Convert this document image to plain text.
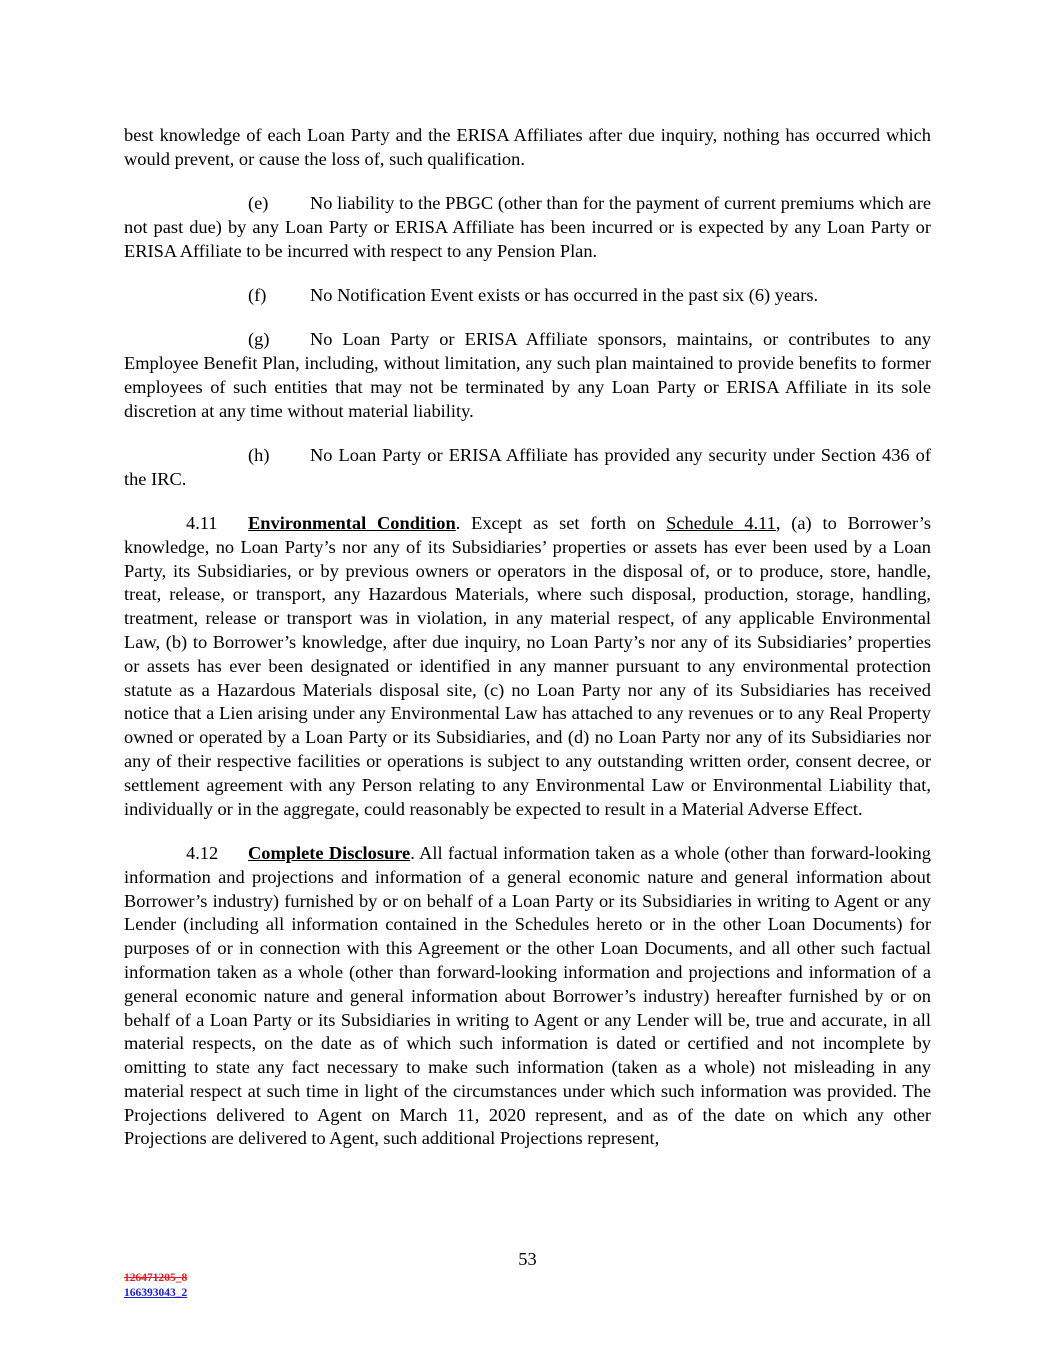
best knowledge of each Loan Party and the ERISA Affiliates after due inquiry, nothing has occurred which would prevent, or cause the loss of, such qualification.

(e) No liability to the PBGC (other than for the payment of current premiums which are not past due) by any Loan Party or ERISA Affiliate has been incurred or is expected by any Loan Party or ERISA Affiliate to be incurred with respect to any Pension Plan.

(f) No Notification Event exists or has occurred in the past six (6) years.

(g) No Loan Party or ERISA Affiliate sponsors, maintains, or contributes to any Employee Benefit Plan, including, without limitation, any such plan maintained to provide benefits to former employees of such entities that may not be terminated by any Loan Party or ERISA Affiliate in its sole discretion at any time without material liability.

(h) No Loan Party or ERISA Affiliate has provided any security under Section 436 of the IRC.

4.11 Environmental Condition. Except as set forth on Schedule 4.11, (a) to Borrower’s knowledge, no Loan Party’s nor any of its Subsidiaries’ properties or assets has ever been used by a Loan Party, its Subsidiaries, or by previous owners or operators in the disposal of, or to produce, store, handle, treat, release, or transport, any Hazardous Materials, where such disposal, production, storage, handling, treatment, release or transport was in violation, in any material respect, of any applicable Environmental Law, (b) to Borrower’s knowledge, after due inquiry, no Loan Party’s nor any of its Subsidiaries’ properties or assets has ever been designated or identified in any manner pursuant to any environmental protection statute as a Hazardous Materials disposal site, (c) no Loan Party nor any of its Subsidiaries has received notice that a Lien arising under any Environmental Law has attached to any revenues or to any Real Property owned or operated by a Loan Party or its Subsidiaries, and (d) no Loan Party nor any of its Subsidiaries nor any of their respective facilities or operations is subject to any outstanding written order, consent decree, or settlement agreement with any Person relating to any Environmental Law or Environmental Liability that, individually or in the aggregate, could reasonably be expected to result in a Material Adverse Effect.

4.12 Complete Disclosure. All factual information taken as a whole (other than forward-looking information and projections and information of a general economic nature and general information about Borrower’s industry) furnished by or on behalf of a Loan Party or its Subsidiaries in writing to Agent or any Lender (including all information contained in the Schedules hereto or in the other Loan Documents) for purposes of or in connection with this Agreement or the other Loan Documents, and all other such factual information taken as a whole (other than forward-looking information and projections and information of a general economic nature and general information about Borrower’s industry) hereafter furnished by or on behalf of a Loan Party or its Subsidiaries in writing to Agent or any Lender will be, true and accurate, in all material respects, on the date as of which such information is dated or certified and not incomplete by omitting to state any fact necessary to make such information (taken as a whole) not misleading in any material respect at such time in light of the circumstances under which such information was provided. The Projections delivered to Agent on March 11, 2020 represent, and as of the date on which any other Projections are delivered to Agent, such additional Projections represent,

53
126471205_8
166393043_2
